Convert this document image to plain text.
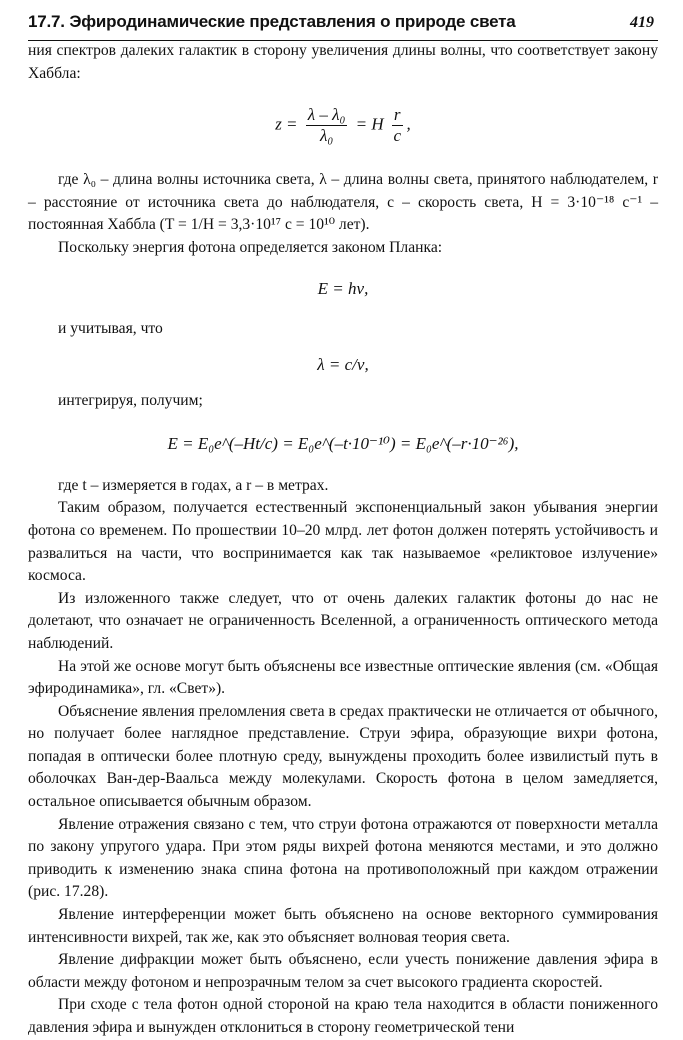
17.7. Эфиродинамические представления о природе света	419

ния спектров далеких галактик в сторону увеличения длины волны, что соответствует закону Хаббла:

$z = \frac{\text{λ – λ₀}}{\text{λ₀}} = H \frac{r}{c}$ ,

где λ₀ – длина волны источника света, λ – длина волны света, принятого наблюдателем, r – расстояние от источника света до наблюдателя, c – скорость света, H = 3·10⁻¹⁸ с⁻¹ – постоянная Хаббла (T = 1/H = 3,3·10¹⁷ с = 10¹⁰ лет).

Поскольку энергия фотона определяется законом Планка:

E = hν,

и учитывая, что

λ = c/ν,

интегрируя, получим;

E = E₀e^(–Ht/c) = E₀e^(–t·10⁻¹⁰) = E₀e^(–r·10⁻²⁶),

где t – измеряется в годах, а r – в метрах.

Таким образом, получается естественный экспоненциальный закон убывания энергии фотона со временем. По прошествии 10–20 млрд. лет фотон должен потерять устойчивость и развалиться на части, что воспринимается как так называемое «реликтовое излучение» космоса.

Из изложенного также следует, что от очень далеких галактик фотоны до нас не долетают, что означает не ограниченность Вселенной, а ограниченность оптического метода наблюдений.

На этой же основе могут быть объяснены все известные оптические явления (см. «Общая эфиродинамика», гл. «Свет»).

Объяснение явления преломления света в средах практически не отличается от обычного, но получает более наглядное представление. Струи эфира, образующие вихри фотона, попадая в оптически более плотную среду, вынуждены проходить более извилистый путь в оболочках Ван-дер-Ваальса между молекулами. Скорость фотона в целом замедляется, остальное описывается обычным образом.

Явление отражения связано с тем, что струи фотона отражаются от поверхности металла по закону упругого удара. При этом ряды вихрей фотона меняются местами, и это должно приводить к изменению знака спина фотона на противоположный при каждом отражении (рис. 17.28).

Явление интерференции может быть объяснено на основе векторного суммирования интенсивности вихрей, так же, как это объясняет волновая теория света.

Явление дифракции может быть объяснено, если учесть понижение давления эфира в области между фотоном и непрозрачным телом за счет высокого градиента скоростей.

При сходе с тела фотон одной стороной на краю тела находится в области пониженного давления эфира и вынужден отклониться в сторону геометрической тени
